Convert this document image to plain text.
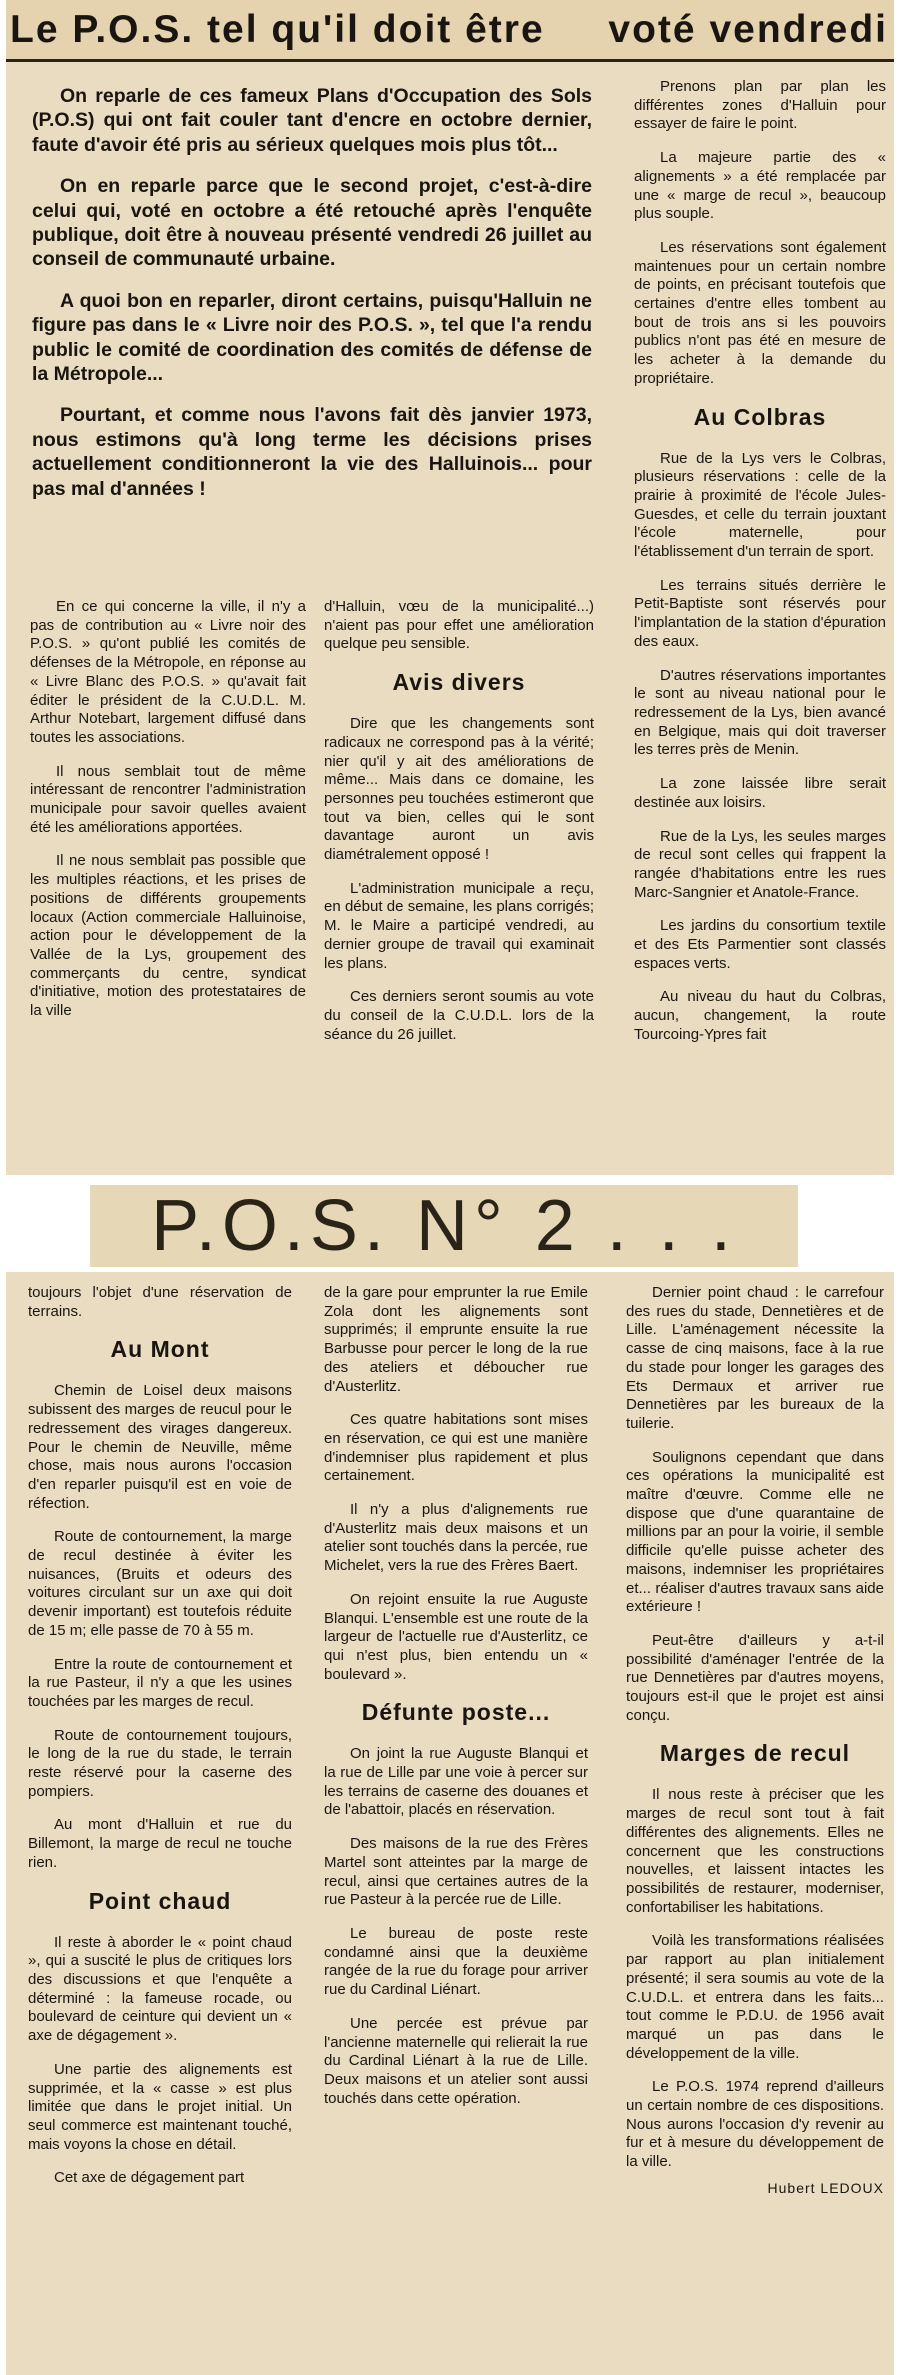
Le P.O.S. tel qu'il doit être voté vendredi

On reparle de ces fameux Plans d'Occupation des Sols (P.O.S) qui ont fait couler tant d'encre en octobre dernier, faute d'avoir été pris au sérieux quelques mois plus tôt...

On en reparle parce que le second projet, c'est-à-dire celui qui, voté en octobre a été retouché après l'enquête publique, doit être à nouveau présenté vendredi 26 juillet au conseil de communauté urbaine.

A quoi bon en reparler, diront certains, puisqu'Halluin ne figure pas dans le « Livre noir des P.O.S. », tel que l'a rendu public le comité de coordination des comités de défense de la Métropole...

Pourtant, et comme nous l'avons fait dès janvier 1973, nous estimons qu'à long terme les décisions prises actuellement conditionneront la vie des Halluinois... pour pas mal d'années !

En ce qui concerne la ville, il n'y a pas de contribution au « Livre noir des P.O.S. » qu'ont publié les comités de défenses de la Métropole, en réponse au « Livre Blanc des P.O.S. » qu'avait fait éditer le président de la C.U.D.L. M. Arthur Notebart, largement diffusé dans toutes les associations.

Il nous semblait tout de même intéressant de rencontrer l'administration municipale pour savoir quelles avaient été les améliorations apportées.

Il ne nous semblait pas possible que les multiples réactions, et les prises de positions de différents groupements locaux (Action commerciale Halluinoise, action pour le développement de la Vallée de la Lys, groupement des commerçants du centre, syndicat d'initiative, motion des protestataires de la ville

d'Halluin, vœu de la municipalité...) n'aient pas pour effet une amélioration quelque peu sensible.

Avis divers

Dire que les changements sont radicaux ne correspond pas à la vérité; nier qu'il y ait des améliorations de même... Mais dans ce domaine, les personnes peu touchées estimeront que tout va bien, celles qui le sont davantage auront un avis diamétralement opposé !

L'administration municipale a reçu, en début de semaine, les plans corrigés; M. le Maire a participé vendredi, au dernier groupe de travail qui examinait les plans.

Ces derniers seront soumis au vote du conseil de la C.U.D.L. lors de la séance du 26 juillet.

Prenons plan par plan les différentes zones d'Halluin pour essayer de faire le point.

La majeure partie des « alignements » a été remplacée par une « marge de recul », beaucoup plus souple.

Les réservations sont également maintenues pour un certain nombre de points, en précisant toutefois que certaines d'entre elles tombent au bout de trois ans si les pouvoirs publics n'ont pas été en mesure de les acheter à la demande du propriétaire.

Au Colbras

Rue de la Lys vers le Colbras, plusieurs réservations : celle de la prairie à proximité de l'école Jules-Guesdes, et celle du terrain jouxtant l'école maternelle, pour l'établissement d'un terrain de sport.

Les terrains situés derrière le Petit-Baptiste sont réservés pour l'implantation de la station d'épuration des eaux.

D'autres réservations importantes le sont au niveau national pour le redressement de la Lys, bien avancé en Belgique, mais qui doit traverser les terres près de Menin.

La zone laissée libre serait destinée aux loisirs.

Rue de la Lys, les seules marges de recul sont celles qui frappent la rangée d'habitations entre les rues Marc-Sangnier et Anatole-France.

Les jardins du consortium textile et des Ets Parmentier sont classés espaces verts.

Au niveau du haut du Colbras, aucun, changement, la route Tourcoing-Ypres fait

P.O.S. N° 2 . . .

toujours l'objet d'une réservation de terrains.

Au Mont

Chemin de Loisel deux maisons subissent des marges de reucul pour le redressement des virages dangereux. Pour le chemin de Neuville, même chose, mais nous aurons l'occasion d'en reparler puisqu'il est en voie de réfection.

Route de contournement, la marge de recul destinée à éviter les nuisances, (Bruits et odeurs des voitures circulant sur un axe qui doit devenir important) est toutefois réduite de 15 m; elle passe de 70 à 55 m.

Entre la route de contournement et la rue Pasteur, il n'y a que les usines touchées par les marges de recul.

Route de contournement toujours, le long de la rue du stade, le terrain reste réservé pour la caserne des pompiers.

Au mont d'Halluin et rue du Billemont, la marge de recul ne touche rien.

Point chaud

Il reste à aborder le « point chaud », qui a suscité le plus de critiques lors des discussions et que l'enquête a déterminé : la fameuse rocade, ou boulevard de ceinture qui devient un « axe de dégagement ».

Une partie des alignements est supprimée, et la « casse » est plus limitée que dans le projet initial. Un seul commerce est maintenant touché, mais voyons la chose en détail.

Cet axe de dégagement part

de la gare pour emprunter la rue Emile Zola dont les alignements sont supprimés; il emprunte ensuite la rue Barbusse pour percer le long de la rue des ateliers et déboucher rue d'Austerlitz.

Ces quatre habitations sont mises en réservation, ce qui est une manière d'indemniser plus rapidement et plus certainement.

Il n'y a plus d'alignements rue d'Austerlitz mais deux maisons et un atelier sont touchés dans la percée, rue Michelet, vers la rue des Frères Baert.

On rejoint ensuite la rue Auguste Blanqui. L'ensemble est une route de la largeur de l'actuelle rue d'Austerlitz, ce qui n'est plus, bien entendu un « boulevard ».

Défunte poste...

On joint la rue Auguste Blanqui et la rue de Lille par une voie à percer sur les terrains de caserne des douanes et de l'abattoir, placés en réservation.

Des maisons de la rue des Frères Martel sont atteintes par la marge de recul, ainsi que certaines autres de la rue Pasteur à la percée rue de Lille.

Le bureau de poste reste condamné ainsi que la deuxième rangée de la rue du forage pour arriver rue du Cardinal Liénart.

Une percée est prévue par l'ancienne maternelle qui relierait la rue du Cardinal Liénart à la rue de Lille. Deux maisons et un atelier sont aussi touchés dans cette opération.

Dernier point chaud : le carrefour des rues du stade, Dennetières et de Lille. L'aménagement nécessite la casse de cinq maisons, face à la rue du stade pour longer les garages des Ets Dermaux et arriver rue Dennetières par les bureaux de la tuilerie.

Soulignons cependant que dans ces opérations la municipalité est maître d'œuvre. Comme elle ne dispose que d'une quarantaine de millions par an pour la voirie, il semble difficile qu'elle puisse acheter des maisons, indemniser les propriétaires et... réaliser d'autres travaux sans aide extérieure !

Peut-être d'ailleurs y a-t-il possibilité d'aménager l'entrée de la rue Dennetières par d'autres moyens, toujours est-il que le projet est ainsi conçu.

Marges de recul

Il nous reste à préciser que les marges de recul sont tout à fait différentes des alignements. Elles ne concernent que les constructions nouvelles, et laissent intactes les possibilités de restaurer, moderniser, confortabiliser les habitations.

Voilà les transformations réalisées par rapport au plan initialement présenté; il sera soumis au vote de la C.U.D.L. et entrera dans les faits... tout comme le P.D.U. de 1956 avait marqué un pas dans le développement de la ville.

Le P.O.S. 1974 reprend d'ailleurs un certain nombre de ces dispositions. Nous aurons l'occasion d'y revenir au fur et à mesure du développement de la ville.

Hubert LEDOUX
